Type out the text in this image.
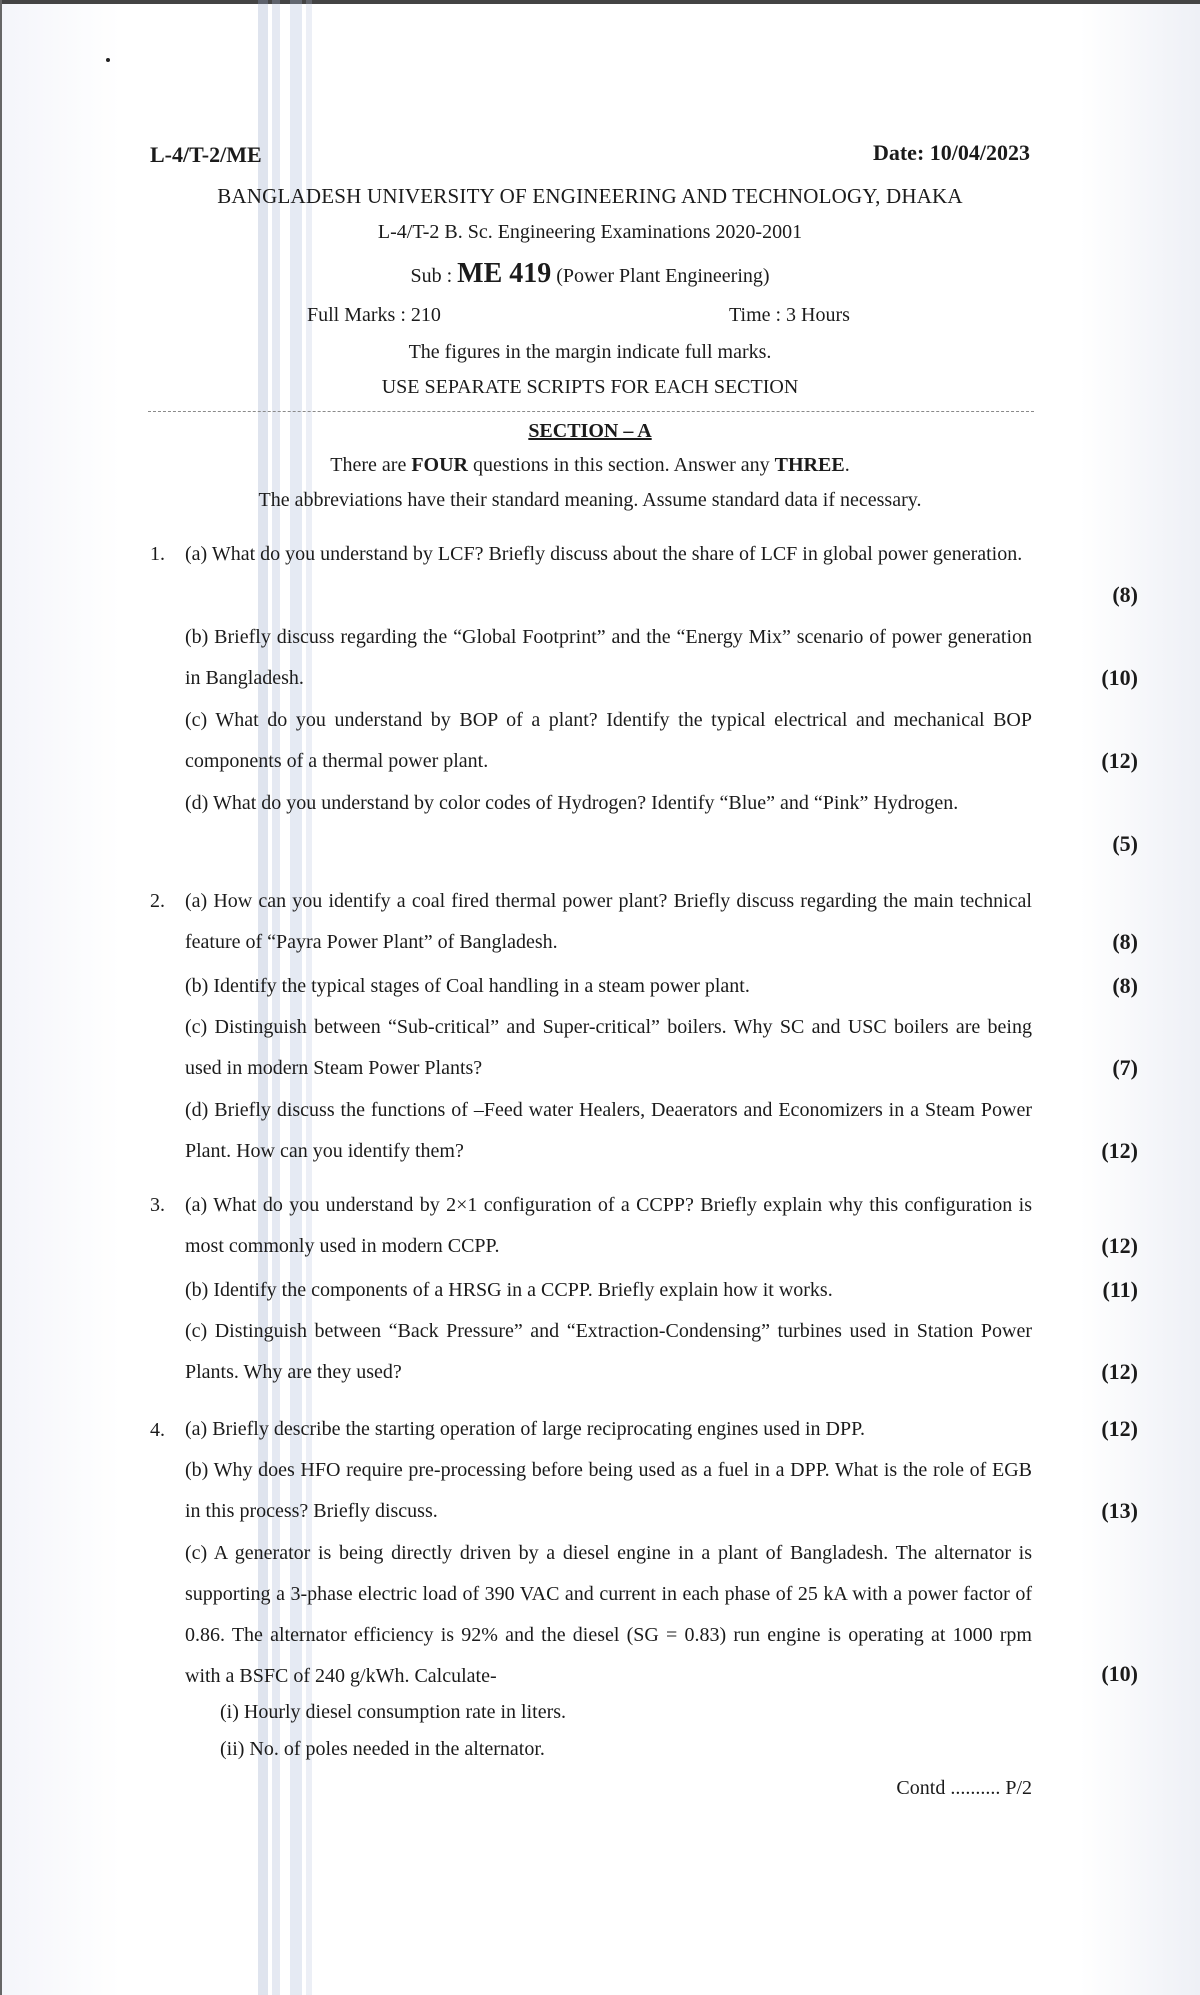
L-4/T-2/ME	Date: 10/04/2023
BANGLADESH UNIVERSITY OF ENGINEERING AND TECHNOLOGY, DHAKA
L-4/T-2 B. Sc. Engineering Examinations 2020-2001
Sub : ME 419 (Power Plant Engineering)
Full Marks : 210	Time : 3 Hours
The figures in the margin indicate full marks.
USE SEPARATE SCRIPTS FOR EACH SECTION
SECTION – A
There are FOUR questions in this section. Answer any THREE.
The abbreviations have their standard meaning. Assume standard data if necessary.
1. (a) What do you understand by LCF? Briefly discuss about the share of LCF in global power generation.
(8)
(b) Briefly discuss regarding the “Global Footprint” and the “Energy Mix” scenario of power generation in Bangladesh.	(10)
(c) What do you understand by BOP of a plant? Identify the typical electrical and mechanical BOP components of a thermal power plant.	(12)
(d) What do you understand by color codes of Hydrogen? Identify “Blue” and “Pink” Hydrogen.
(5)
2. (a) How can you identify a coal fired thermal power plant? Briefly discuss regarding the main technical feature of “Payra Power Plant” of Bangladesh.	(8)
(b) Identify the typical stages of Coal handling in a steam power plant.	(8)
(c) Distinguish between “Sub-critical” and Super-critical” boilers. Why SC and USC boilers are being used in modern Steam Power Plants?	(7)
(d) Briefly discuss the functions of –Feed water Healers, Deaerators and Economizers in a Steam Power Plant. How can you identify them?	(12)
3. (a) What do you understand by 2×1 configuration of a CCPP? Briefly explain why this configuration is most commonly used in modern CCPP.	(12)
(b) Identify the components of a HRSG in a CCPP. Briefly explain how it works.	(11)
(c) Distinguish between “Back Pressure” and “Extraction-Condensing” turbines used in Station Power Plants. Why are they used?	(12)
4. (a) Briefly describe the starting operation of large reciprocating engines used in DPP.	(12)
(b) Why does HFO require pre-processing before being used as a fuel in a DPP. What is the role of EGB in this process? Briefly discuss.	(13)
(c) A generator is being directly driven by a diesel engine in a plant of Bangladesh. The alternator is supporting a 3-phase electric load of 390 VAC and current in each phase of 25 kA with a power factor of 0.86. The alternator efficiency is 92% and the diesel (SG = 0.83) run engine is operating at 1000 rpm with a BSFC of 240 g/kWh. Calculate-	(10)
(i) Hourly diesel consumption rate in liters.
(ii) No. of poles needed in the alternator.
Contd .......... P/2
